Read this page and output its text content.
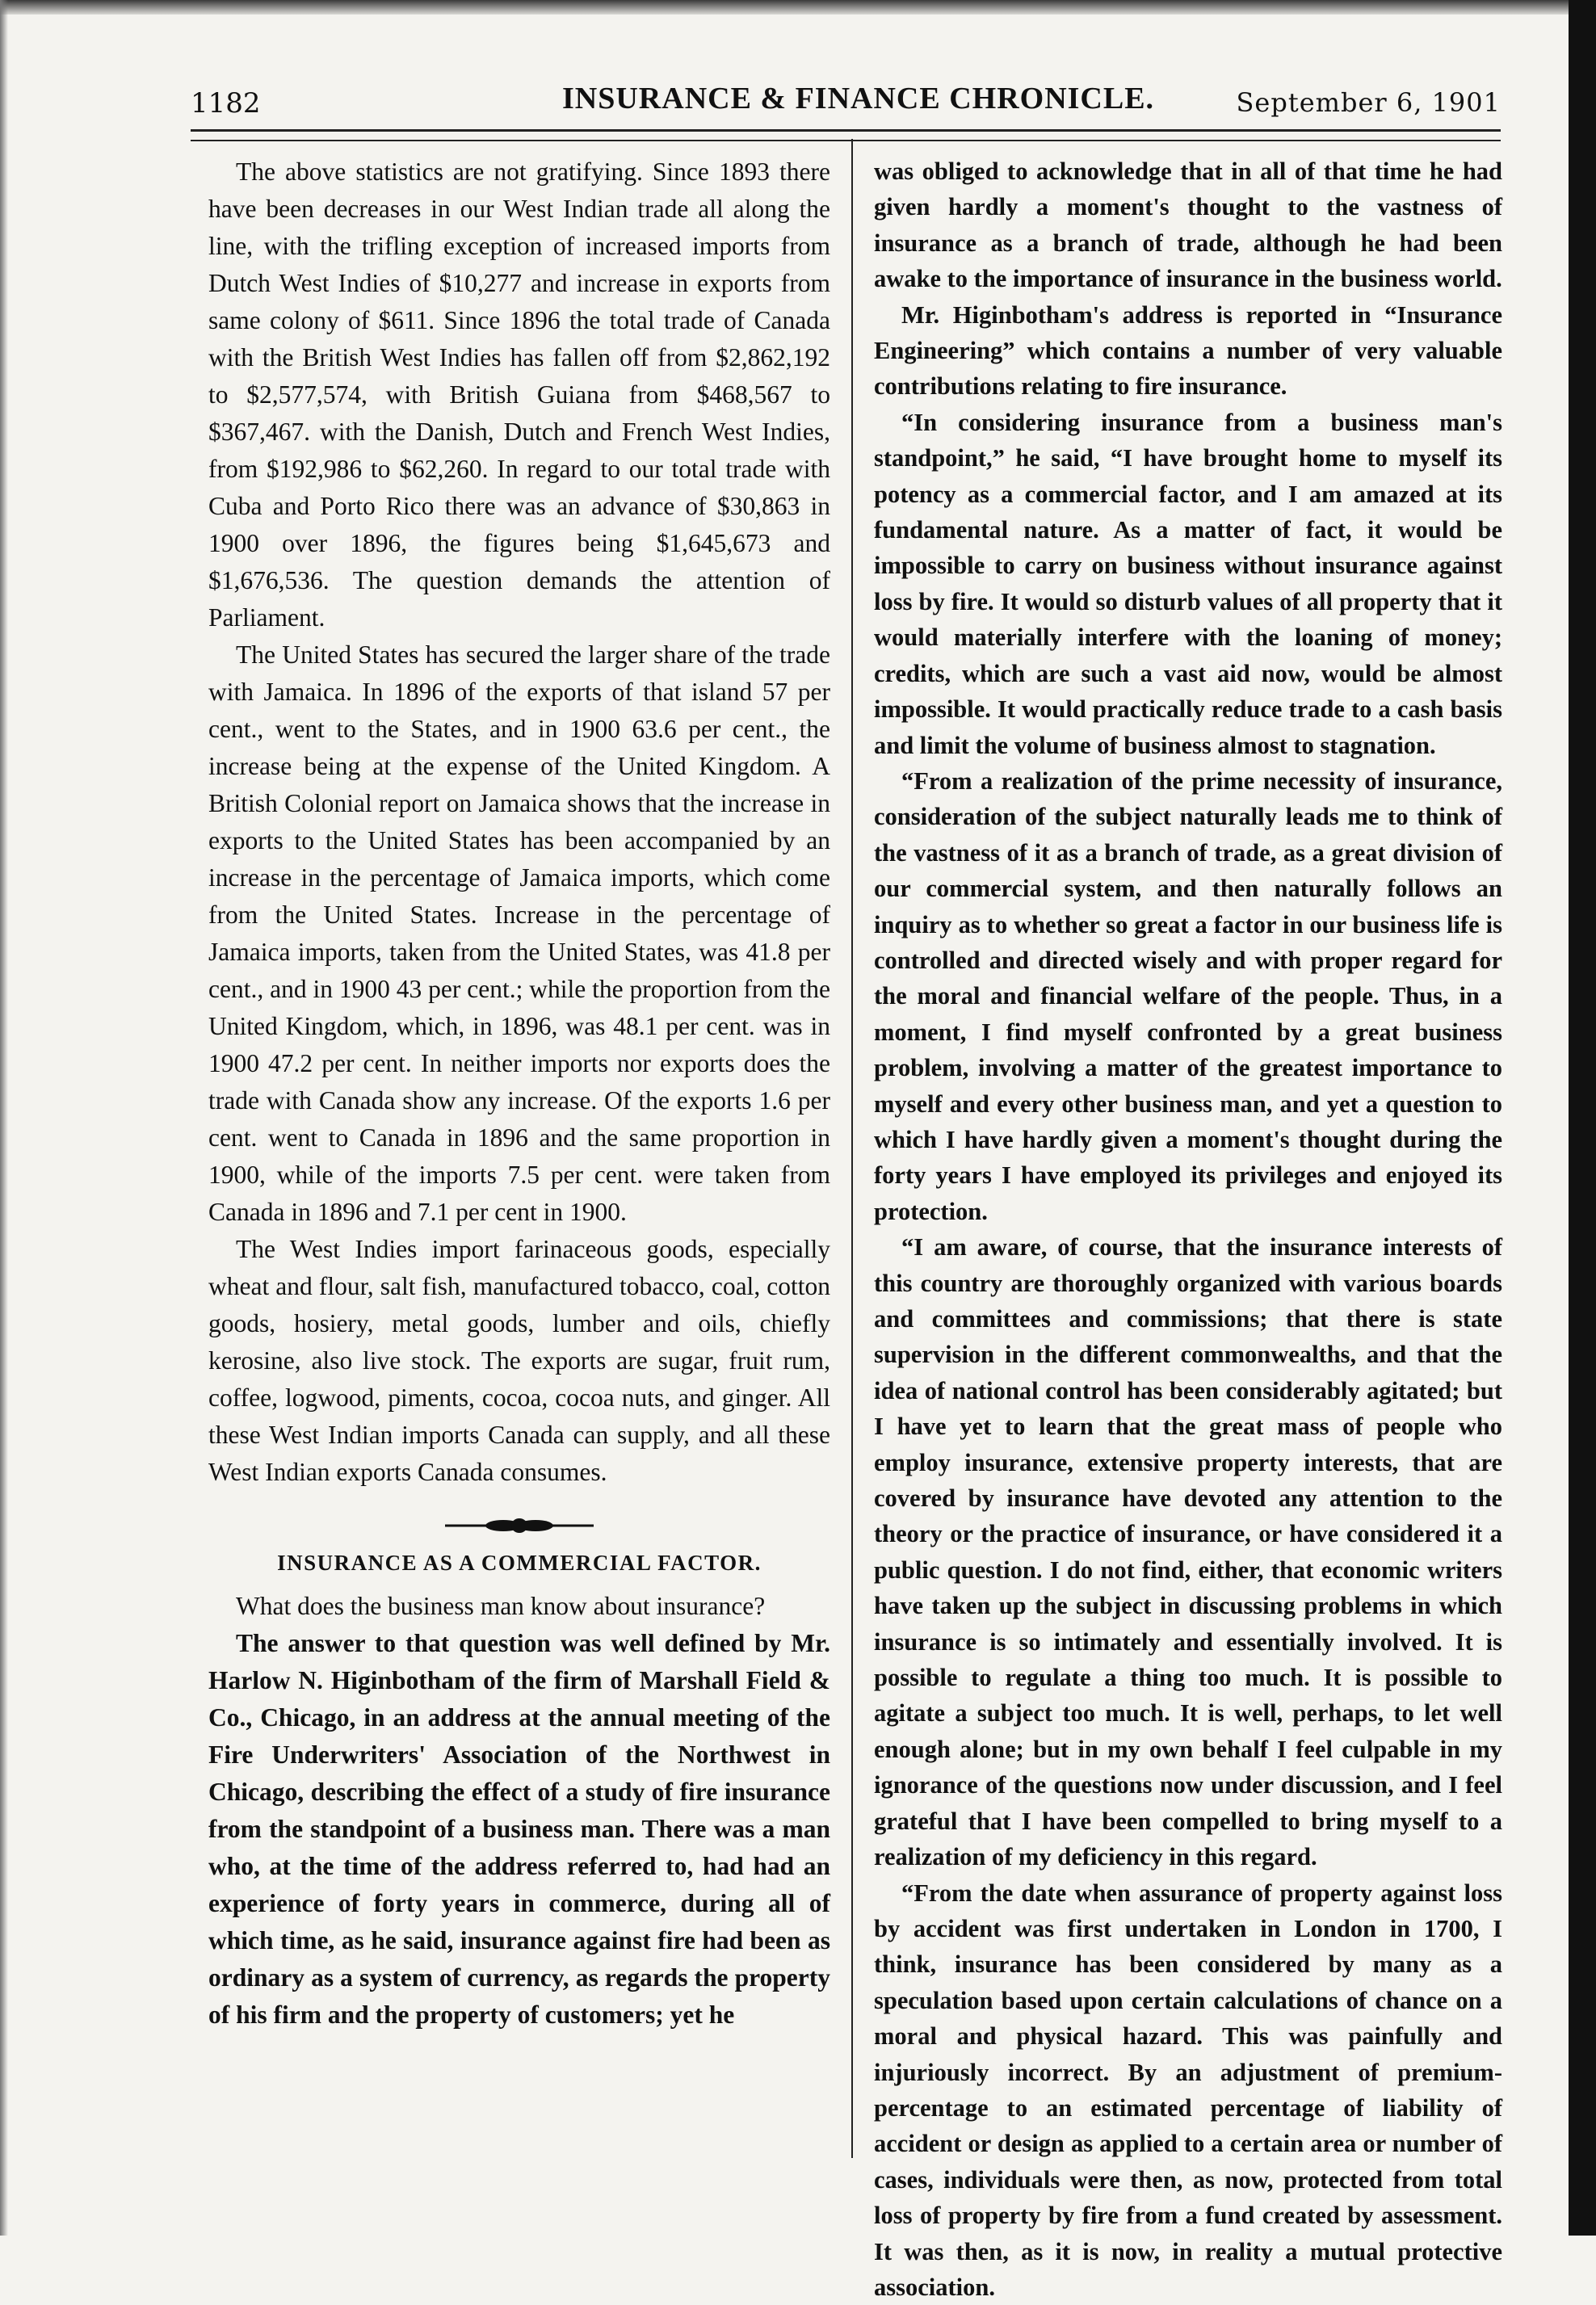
1182	INSURANCE & FINANCE CHRONICLE.	September 6, 1901

The above statistics are not gratifying. Since 1893 there have been decreases in our West Indian trade all along the line, with the trifling exception of increased imports from Dutch West Indies of $10,277 and increase in exports from same colony of $611. Since 1896 the total trade of Canada with the British West Indies has fallen off from $2,862,192 to $2,577,574, with British Guiana from $468,567 to $367,467. with the Danish, Dutch and French West Indies, from $192,986 to $62,260. In regard to our total trade with Cuba and Porto Rico there was an advance of $30,863 in 1900 over 1896, the figures being $1,645,673 and $1,676,536. The question demands the attention of Parliament.

The United States has secured the larger share of the trade with Jamaica. In 1896 of the exports of that island 57 per cent., went to the States, and in 1900 63.6 per cent., the increase being at the expense of the United Kingdom. A British Colonial report on Jamaica shows that the increase in exports to the United States has been accompanied by an increase in the percentage of Jamaica imports, which come from the United States. Increase in the percentage of Jamaica imports, taken from the United States, was 41.8 per cent., and in 1900 43 per cent.; while the proportion from the United Kingdom, which, in 1896, was 48.1 per cent. was in 1900 47.2 per cent. In neither imports nor exports does the trade with Canada show any increase. Of the exports 1.6 per cent. went to Canada in 1896 and the same proportion in 1900, while of the imports 7.5 per cent. were taken from Canada in 1896 and 7.1 per cent in 1900.

The West Indies import farinaceous goods, especially wheat and flour, salt fish, manufactured tobacco, coal, cotton goods, hosiery, metal goods, lumber and oils, chiefly kerosine, also live stock. The exports are sugar, fruit rum, coffee, logwood, piments, cocoa, cocoa nuts, and ginger. All these West Indian imports Canada can supply, and all these West Indian exports Canada consumes.

INSURANCE AS A COMMERCIAL FACTOR.

What does the business man know about insurance?

The answer to that question was well defined by Mr. Harlow N. Higinbotham of the firm of Marshall Field & Co., Chicago, in an address at the annual meeting of the Fire Underwriters' Association of the Northwest in Chicago, describing the effect of a study of fire insurance from the standpoint of a business man. There was a man who, at the time of the address referred to, had had an experience of forty years in commerce, during all of which time, as he said, insurance against fire had been as ordinary as a system of currency, as regards the property of his firm and the property of customers; yet he

was obliged to acknowledge that in all of that time he had given hardly a moment's thought to the vastness of insurance as a branch of trade, although he had been awake to the importance of insurance in the business world.

Mr. Higinbotham's address is reported in “Insurance Engineering” which contains a number of very valuable contributions relating to fire insurance.

“In considering insurance from a business man's standpoint,” he said, “I have brought home to myself its potency as a commercial factor, and I am amazed at its fundamental nature. As a matter of fact, it would be impossible to carry on business without insurance against loss by fire. It would so disturb values of all property that it would materially interfere with the loaning of money; credits, which are such a vast aid now, would be almost impossible. It would practically reduce trade to a cash basis and limit the volume of business almost to stagnation.

“From a realization of the prime necessity of insurance, consideration of the subject naturally leads me to think of the vastness of it as a branch of trade, as a great division of our commercial system, and then naturally follows an inquiry as to whether so great a factor in our business life is controlled and directed wisely and with proper regard for the moral and financial welfare of the people. Thus, in a moment, I find myself confronted by a great business problem, involving a matter of the greatest importance to myself and every other business man, and yet a question to which I have hardly given a moment's thought during the forty years I have employed its privileges and enjoyed its protection.

“I am aware, of course, that the insurance interests of this country are thoroughly organized with various boards and committees and commissions; that there is state supervision in the different commonwealths, and that the idea of national control has been considerably agitated; but I have yet to learn that the great mass of people who employ insurance, extensive property interests, that are covered by insurance have devoted any attention to the theory or the practice of insurance, or have considered it a public question. I do not find, either, that economic writers have taken up the subject in discussing problems in which insurance is so intimately and essentially involved. It is possible to regulate a thing too much. It is possible to agitate a subject too much. It is well, perhaps, to let well enough alone; but in my own behalf I feel culpable in my ignorance of the questions now under discussion, and I feel grateful that I have been compelled to bring myself to a realization of my deficiency in this regard.

“From the date when assurance of property against loss by accident was first undertaken in London in 1700, I think, insurance has been considered by many as a speculation based upon certain calculations of chance on a moral and physical hazard. This was painfully and injuriously incorrect. By an adjustment of premium-percentage to an estimated percentage of liability of accident or design as applied to a certain area or number of cases, individuals were then, as now, protected from total loss of property by fire from a fund created by assessment. It was then, as it is now, in reality a mutual protective association.
